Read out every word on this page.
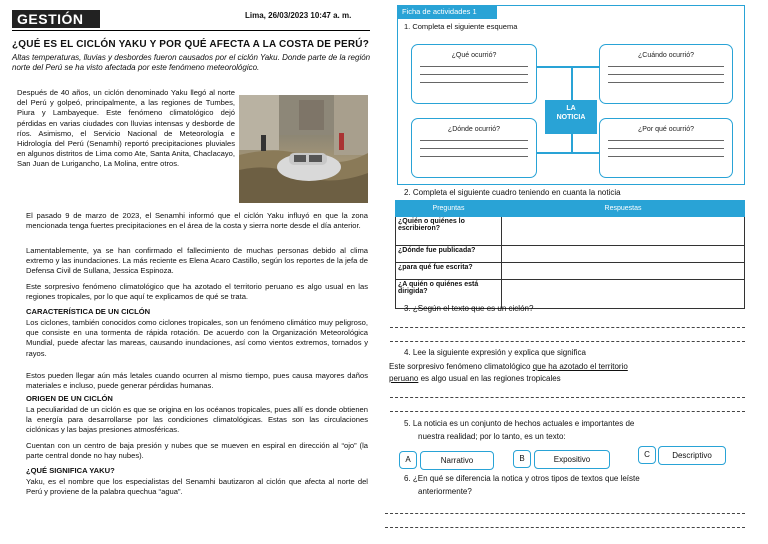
GESTIÓN	Lima, 26/03/2023 10:47 a. m.
¿QUÉ ES EL CICLÓN YAKU Y POR QUÉ AFECTA A LA COSTA DE PERÚ?
Altas temperaturas, lluvias y desbordes fueron causados por el ciclón Yaku. Donde parte de la región norte del Perú se ha visto afectada por este fenómeno meteorológico.
Después de 40 años, un ciclón denominado Yaku llegó al norte del Perú y golpeó, principalmente, a las regiones de Tumbes, Piura y Lambayeque. Este fenómeno climatológico dejó pérdidas en varias ciudades con lluvias intensas y desborde de ríos. Asimismo, el Servicio Nacional de Meteorología e Hidrología del Perú (Senamhi) reportó precipitaciones pluviales en algunos distritos de Lima como Ate, Santa Anita, Chaclacayo, San Juan de Lurigancho, La Molina, entre otros.
El pasado 9 de marzo de 2023, el Senamhi informó que el ciclón Yaku influyó en que la zona mencionada tenga fuertes precipitaciones en el área de la costa y sierra norte desde el día anterior.
Lamentablemente, ya se han confirmado el fallecimiento de muchas personas debido al clima extremo y las inundaciones. La más reciente es Elena Acaro Castillo, según los reportes de la jefa de Defensa Civil de Sullana, Jessica Espinoza.
Este sorpresivo fenómeno climatológico que ha azotado el territorio peruano es algo usual en las regiones tropicales, por lo que aquí te explicamos de qué se trata.
CARACTERÍSTICA DE UN CICLÓN
Los ciclones, también conocidos como ciclones tropicales, son un fenómeno climático muy peligroso, que consiste en una tormenta de rápida rotación. De acuerdo con la Organización Meteorológica Mundial, puede afectar las mareas, causando inundaciones, así como vientos extremos, tornados y rayos.
Estos pueden llegar aún más letales cuando ocurren al mismo tiempo, pues causa mayores daños materiales e incluso, puede generar pérdidas humanas.
ORIGEN DE UN CICLÓN
La peculiaridad de un ciclón es que se origina en los océanos tropicales, pues allí es donde obtienen la energía para desarrollarse por las condiciones climatológicas. Estas son las circulaciones ciclónicas y las bajas presiones atmosféricas.
Cuentan con un centro de baja presión y nubes que se mueven en espiral en dirección al “ojo” (la parte central donde no hay nubes).
¿QUÉ SIGNIFICA YAKU?
Yaku, es el nombre que los especialistas del Senamhi bautizaron al ciclón que afecta al norte del Perú y proviene de la palabra quechua “agua”.
Ficha de actividades 1
1. Completa el siguiente esquema
¿Qué ocurrió?	¿Cuándo ocurrió?
¿Dónde ocurrió?	¿Por qué ocurrió?
LA
NOTICIA
2. Completa el siguiente cuadro teniendo en cuanta la noticia
Preguntas	Respuestas
¿Quién o quiénes lo escribieron?	
¿Dónde fue publicada?	
¿para qué fue escrita?	
¿A quién o quiénes está dirigida?	
3. ¿Según el texto que es un ciclón?
4. Lee la siguiente expresión y explica que significa
Este sorpresivo fenómeno climatológico que ha azotado el territorio
peruano es algo usual en las regiones tropicales
5. La noticia es un conjunto de hechos actuales e importantes de
nuestra realidad; por lo tanto, es un texto:
A	Narrativo	B	Expositivo
C	Descriptivo
6. ¿En qué se diferencia la notica y otros tipos de textos que leíste
anteriormente?
